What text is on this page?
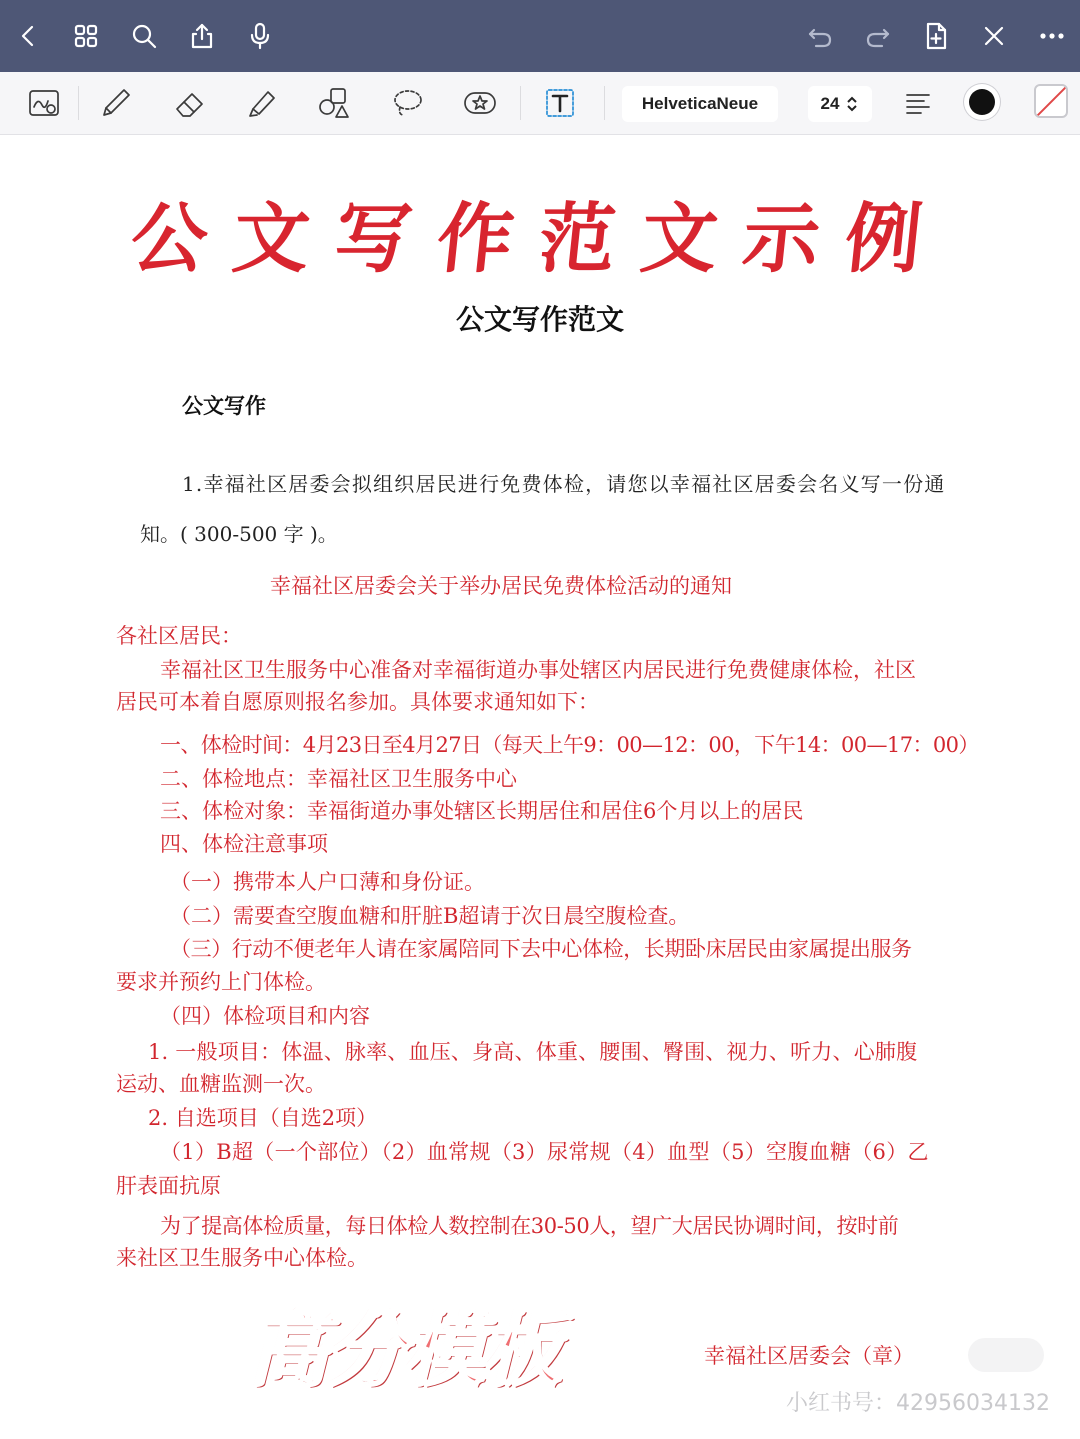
HelveticaNeue	24
公文写作范文示例
公文写作范文
公文写作
1.幸福社区居委会拟组织居民进行免费体检，请您以幸福社区居委会名义写一份通
知。( 300-500 字 )。
幸福社区居委会关于举办居民免费体检活动的通知
各社区居民：
幸福社区卫生服务中心准备对幸福街道办事处辖区内居民进行免费健康体检，社区
居民可本着自愿原则报名参加。具体要求通知如下：
一、体检时间：4月23日至4月27日（每天上午9：00—12：00，下午14：00—17：00）
二、体检地点：幸福社区卫生服务中心
三、体检对象：幸福街道办事处辖区长期居住和居住6个月以上的居民
四、体检注意事项
（一）携带本人户口薄和身份证。
（二）需要查空腹血糖和肝脏B超请于次日晨空腹检查。
（三）行动不便老年人请在家属陪同下去中心体检，长期卧床居民由家属提出服务
要求并预约上门体检。
（四）体检项目和内容
1. 一般项目：体温、脉率、血压、身高、体重、腰围、臀围、视力、听力、心肺腹
运动、血糖监测一次。
2. 自选项目（自选2项）
（1）B超（一个部位）（2）血常规（3）尿常规（4）血型（5）空腹血糖（6）乙
肝表面抗原
为了提高体检质量，每日体检人数控制在30-50人，望广大居民协调时间，按时前
来社区卫生服务中心体检。
高分模板	幸福社区居委会（章）
小红书号：42956034132
